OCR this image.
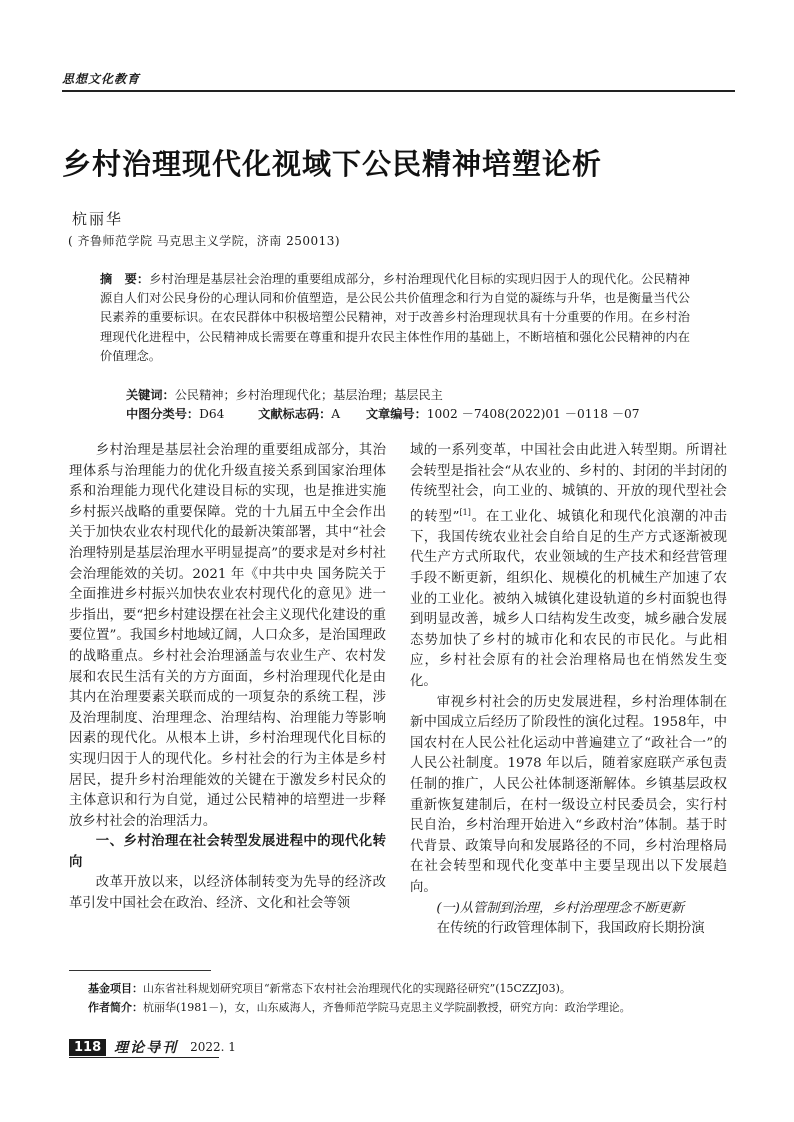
思想文化教育
乡村治理现代化视域下公民精神培塑论析
杭丽华
( 齐鲁师范学院 马克思主义学院，济南 250013)
摘　要：乡村治理是基层社会治理的重要组成部分，乡村治理现代化目标的实现归因于人的现代化。公民精神源自人们对公民身份的心理认同和价值塑造，是公民公共价值理念和行为自觉的凝练与升华，也是衡量当代公民素养的重要标识。在农民群体中积极培塑公民精神，对于改善乡村治理现状具有十分重要的作用。在乡村治理现代化进程中，公民精神成长需要在尊重和提升农民主体性作用的基础上，不断培植和强化公民精神的内在价值理念。
关键词：公民精神；乡村治理现代化；基层治理；基层民主
中图分类号：D64	文献标志码：A 文章编号：1002 －7408(2022)01 －0118 －07

乡村治理是基层社会治理的重要组成部分，其治理体系与治理能力的优化升级直接关系到国家治理体系和治理能力现代化建设目标的实现，也是推进实施乡村振兴战略的重要保障。党的十九届五中全会作出关于加快农业农村现代化的最新决策部署，其中“社会治理特别是基层治理水平明显提高”的要求是对乡村社会治理能效的关切。2021 年《中共中央 国务院关于全面推进乡村振兴加快农业农村现代化的意见》进一步指出，要“把乡村建设摆在社会主义现代化建设的重要位置”。我国乡村地域辽阔，人口众多，是治国理政的战略重点。乡村社会治理涵盖与农业生产、农村发展和农民生活有关的方方面面，乡村治理现代化是由其内在治理要素关联而成的一项复杂的系统工程，涉及治理制度、治理理念、治理结构、治理能力等影响因素的现代化。从根本上讲，乡村治理现代化目标的实现归因于人的现代化。乡村社会的行为主体是乡村居民，提升乡村治理能效的关键在于激发乡村民众的主体意识和行为自觉，通过公民精神的培塑进一步释放乡村社会的治理活力。

一、乡村治理在社会转型发展进程中的现代化转向

改革开放以来，以经济体制转变为先导的经济改革引发中国社会在政治、经济、文化和社会等领

域的一系列变革，中国社会由此进入转型期。所谓社会转型是指社会“从农业的、乡村的、封闭的半封闭的传统型社会，向工业的、城镇的、开放的现代型社会的转型”[1]。在工业化、城镇化和现代化浪潮的冲击下，我国传统农业社会自给自足的生产方式逐渐被现代生产方式所取代，农业领域的生产技术和经营管理手段不断更新，组织化、规模化的机械生产加速了农业的工业化。被纳入城镇化建设轨道的乡村面貌也得到明显改善，城乡人口结构发生改变，城乡融合发展态势加快了乡村的城市化和农民的市民化。与此相应，乡村社会原有的社会治理格局也在悄然发生变化。

审视乡村社会的历史发展进程，乡村治理体制在新中国成立后经历了阶段性的演化过程。1958年，中国农村在人民公社化运动中普遍建立了“政社合一”的人民公社制度。1978 年以后，随着家庭联产承包责任制的推广，人民公社体制逐渐解体。乡镇基层政权重新恢复建制后，在村一级设立村民委员会，实行村民自治，乡村治理开始进入“乡政村治”体制。基于时代背景、政策导向和发展路径的不同，乡村治理格局在社会转型和现代化变革中主要呈现出以下发展趋向。

(一)从管制到治理，乡村治理理念不断更新

在传统的行政管理体制下，我国政府长期扮演

基金项目：山东省社科规划研究项目“新常态下农村社会治理现代化的实现路径研究”(15CZZJ03)。
作者简介：杭丽华(1981－)，女，山东威海人，齐鲁师范学院马克思主义学院副教授，研究方向：政治学理论。
118 理论导刊 2022. 1
